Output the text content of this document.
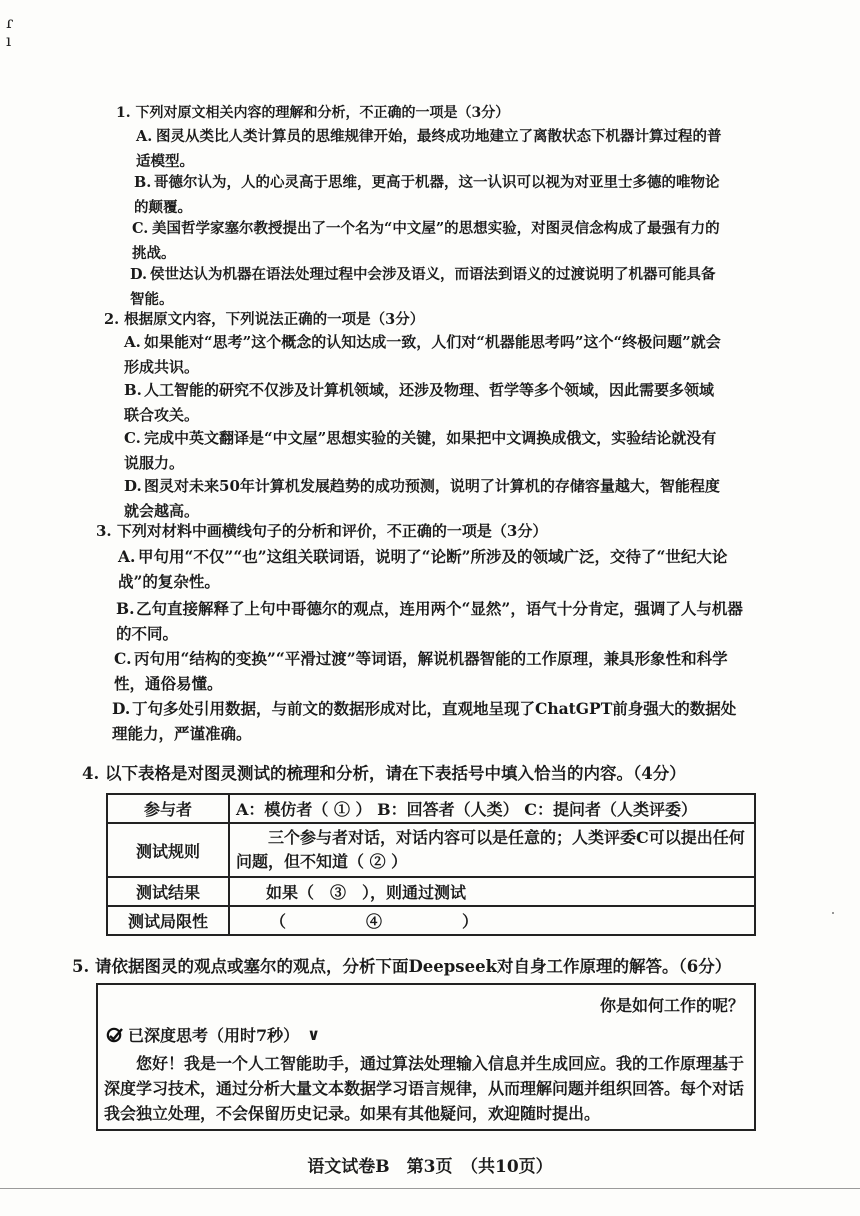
ɾ
ı
1. 下列对原文相关内容的理解和分析，不正确的一项是（3分）
A. 图灵从类比人类计算员的思维规律开始，最终成功地建立了离散状态下机器计算过程的普适模型。
B. 哥德尔认为，人的心灵高于思维，更高于机器，这一认识可以视为对亚里士多德的唯物论的颠覆。
C. 美国哲学家塞尔教授提出了一个名为“中文屋”的思想实验，对图灵信念构成了最强有力的挑战。
D. 侯世达认为机器在语法处理过程中会涉及语义，而语法到语义的过渡说明了机器可能具备智能。
2. 根据原文内容，下列说法正确的一项是（3分）
A. 如果能对“思考”这个概念的认知达成一致，人们对“机器能思考吗”这个“终极问题”就会形成共识。
B. 人工智能的研究不仅涉及计算机领域，还涉及物理、哲学等多个领域，因此需要多领域联合攻关。
C. 完成中英文翻译是“中文屋”思想实验的关键，如果把中文调换成俄文，实验结论就没有说服力。
D. 图灵对未来50年计算机发展趋势的成功预测，说明了计算机的存储容量越大，智能程度就会越高。
3. 下列对材料中画横线句子的分析和评价，不正确的一项是（3分）
A. 甲句用“不仅”“也”这组关联词语，说明了“论断”所涉及的领域广泛，交待了“世纪大论战”的复杂性。
B.乙句直接解释了上句中哥德尔的观点，连用两个“显然”，语气十分肯定，强调了人与机器的不同。
C. 丙句用“结构的变换”“平滑过渡”等词语，解说机器智能的工作原理，兼具形象性和科学性，通俗易懂。
D. 丁句多处引用数据，与前文的数据形成对比，直观地呈现了ChatGPT前身强大的数据处理能力，严谨准确。
4. 以下表格是对图灵测试的梳理和分析，请在下表括号中填入恰当的内容。（4分）
参与者	A：模仿者（ ① ） B：回答者（人类） C：提问者（人类评委）
测试规则	三个参与者对话，对话内容可以是任意的；人类评委C可以提出任何问题，但不知道（ ② ）
测试结果	如果（　③　），则通过测试
测试局限性	（　　　　　④　　　　　）
5. 请依据图灵的观点或塞尔的观点，分析下面Deepseek对自身工作原理的解答。（6分）
你是如何工作的呢？
已深度思考（用时7秒） ∨
您好！我是一个人工智能助手，通过算法处理输入信息并生成回应。我的工作原理基于深度学习技术，通过分析大量文本数据学习语言规律，从而理解问题并组织回答。每个对话我会独立处理，不会保留历史记录。如果有其他疑问，欢迎随时提出。
语文试卷B　第3页　（共10页）
